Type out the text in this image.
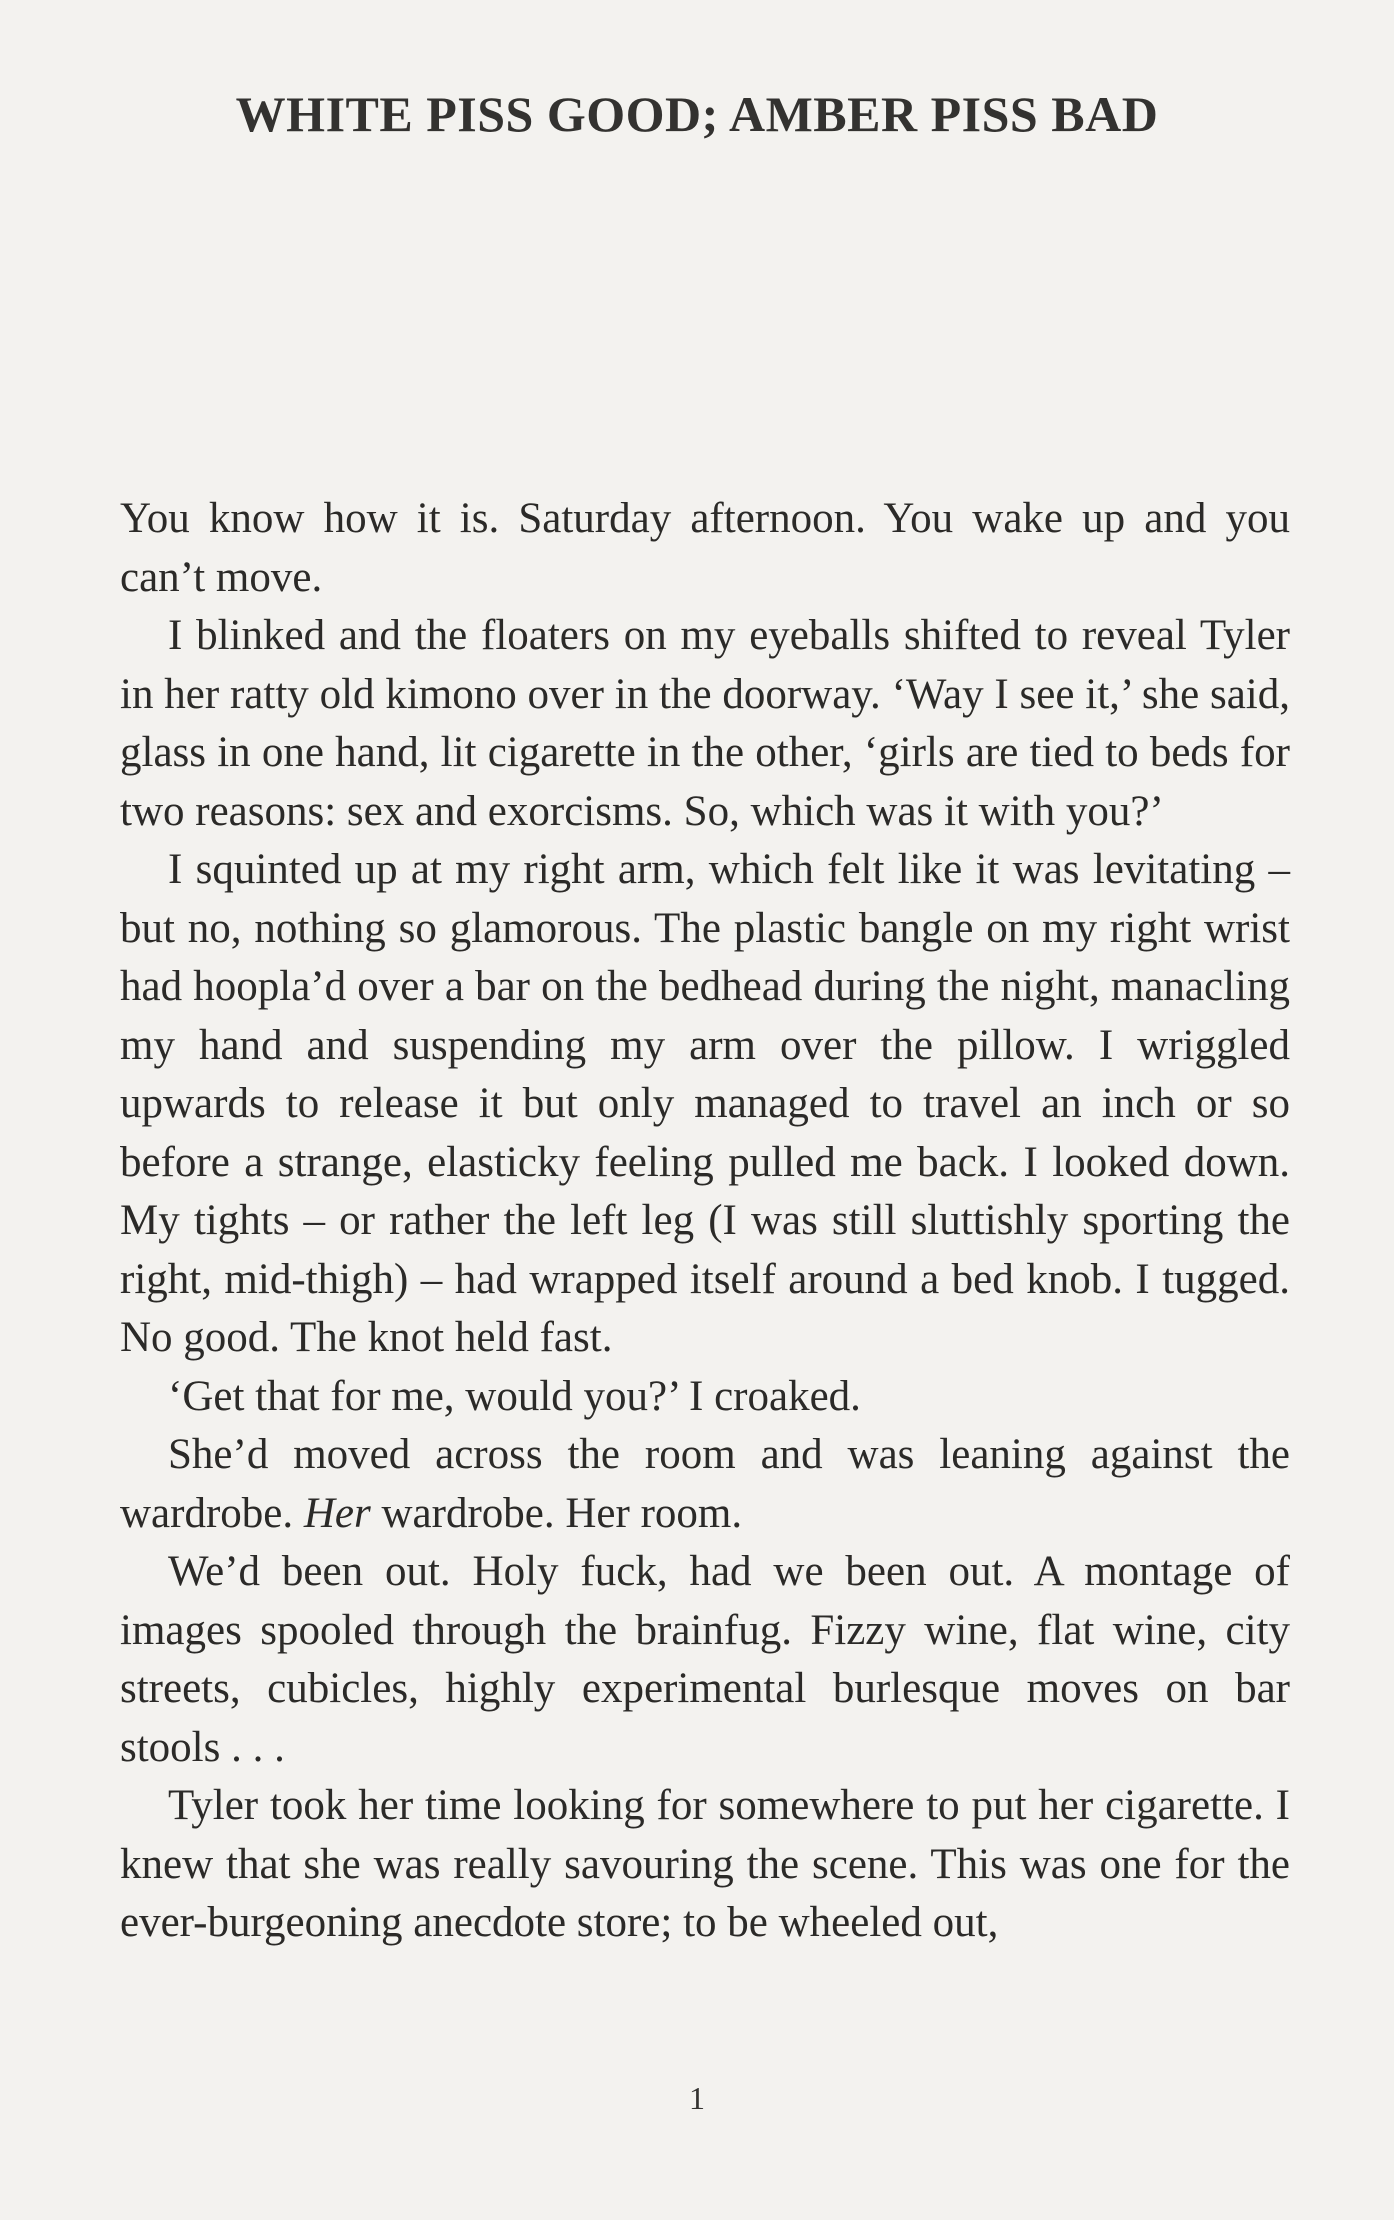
WHITE PISS GOOD; AMBER PISS BAD

You know how it is. Saturday afternoon. You wake up and you can’t move.

I blinked and the floaters on my eyeballs shifted to reveal Tyler in her ratty old kimono over in the doorway. ‘Way I see it,’ she said, glass in one hand, lit cigarette in the other, ‘girls are tied to beds for two reasons: sex and exorcisms. So, which was it with you?’

I squinted up at my right arm, which felt like it was levitating – but no, nothing so glamorous. The plastic bangle on my right wrist had hoopla’d over a bar on the bedhead during the night, manacling my hand and suspending my arm over the pillow. I wriggled upwards to release it but only managed to travel an inch or so before a strange, elasticky feeling pulled me back. I looked down. My tights – or rather the left leg (I was still sluttishly sporting the right, mid-thigh) – had wrapped itself around a bed knob. I tugged. No good. The knot held fast.

‘Get that for me, would you?’ I croaked.

She’d moved across the room and was leaning against the wardrobe. Her wardrobe. Her room.

We’d been out. Holy fuck, had we been out. A montage of images spooled through the brainfug. Fizzy wine, flat wine, city streets, cubicles, highly experimental burlesque moves on bar stools . . .

Tyler took her time looking for somewhere to put her cigarette. I knew that she was really savouring the scene. This was one for the ever-burgeoning anecdote store; to be wheeled out,

1
